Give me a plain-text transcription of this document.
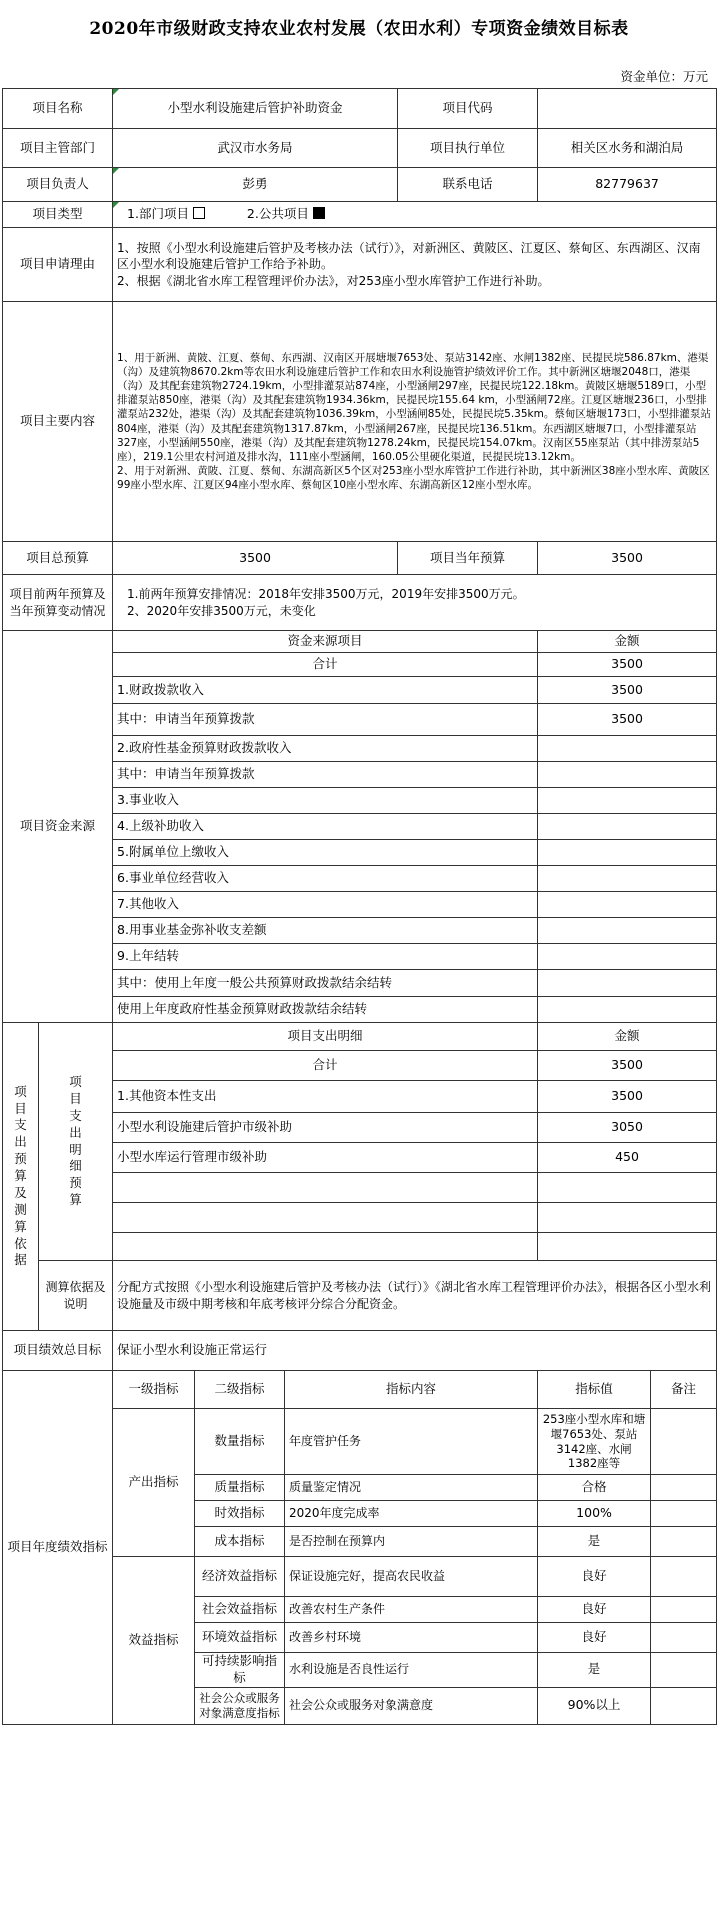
2020年市级财政支持农业农村发展（农田水利）专项资金绩效目标表
资金单位：万元
项目名称		小型水利设施建后管护补助资金			项目代码		
项目主管部门		武汉市水务局			项目执行单位	相关区水务和湖泊局	
项目负责人		彭勇			联系电话	82779637	
项目类型		1.部门项目 2.公共项目					
项目申请理由		1、按照《小型水利设施建后管护及考核办法（试行）》，对新洲区、黄陂区、江夏区、蔡甸区、东西湖区、汉南区小型水利设施建后管护工作给予补助。
2、根据《湖北省水库工程管理评价办法》，对253座小型水库管护工作进行补助。					
项目主要内容		1、用于新洲、黄陂、江夏、蔡甸、东西湖、汉南区开展塘堰7653处、泵站3142座、水闸1382座、民提民垸586.87km、港渠（沟）及建筑物8670.2km等农田水利设施建后管护工作和农田水利设施管护绩效评价工作。其中新洲区塘堰2048口，港渠（沟）及其配套建筑物2724.19km，小型排灌泵站874座，小型涵闸297座，民提民垸122.18km。黄陂区塘堰5189口，小型排灌泵站850座，港渠（沟）及其配套建筑物1934.36km，民提民垸155.64 km，小型涵闸72座。江夏区塘堰236口，小型排灌泵站232处，港渠（沟）及其配套建筑物1036.39km，小型涵闸85处，民提民垸5.35km。蔡甸区塘堰173口，小型排灌泵站804座，港渠（沟）及其配套建筑物1317.87km，小型涵闸267座，民提民垸136.51km。东西湖区塘堰7口，小型排灌泵站327座，小型涵闸550座，港渠（沟）及其配套建筑物1278.24km，民提民垸154.07km。汉南区55座泵站（其中排涝泵站5座），219.1公里农村河道及排水沟，111座小型涵闸，160.05公里硬化渠道，民提民垸13.12km。
2、用于对新洲、黄陂、江夏、蔡甸、东湖高新区5个区对253座小型水库管护工作进行补助，其中新洲区38座小型水库、黄陂区99座小型水库、江夏区94座小型水库、蔡甸区10座小型水库、东湖高新区12座小型水库。					
项目总预算		3500			项目当年预算	3500	
项目前两年预算及当年预算变动情况		1.前两年预算安排情况：2018年安排3500万元，2019年安排3500万元。
2、2020年安排3500万元，未变化					
项目资金来源		资金来源项目				金额	
		合计				3500	
		1.财政拨款收入				3500	
		其中：申请当年预算拨款				3500	
		2.政府性基金预算财政拨款收入					
		其中：申请当年预算拨款					
		3.事业收入					
		4.上级补助收入					
		5.附属单位上缴收入					
		6.事业单位经营收入					
		7.其他收入					
		8.用事业基金弥补收支差额					
		9.上年结转					
		其中：使用上年度一般公共预算财政拨款结余结转					
		使用上年度政府性基金预算财政拨款结余结转					
项目支出预算及测算依据	项目支出明细预算	项目支出明细				金额	
		合计				3500	
		1.其他资本性支出				3500	
		小型水利设施建后管护市级补助				3050	
		小型水库运行管理市级补助				450	

	测算依据及说明	分配方式按照《小型水利设施建后管护及考核办法（试行）》《湖北省水库工程管理评价办法》，根据各区小型水利设施量及市级中期考核和年底考核评分综合分配资金。					
项目绩效总目标		保证小型水利设施正常运行					
项目年度绩效指标		一级指标	二级指标	指标内容		指标值	备注
		产出指标	数量指标	年度管护任务		253座小型水库和塘堰7653处、泵站3142座、水闸1382座等	
			质量指标	质量鉴定情况		合格	
			时效指标	2020年度完成率		100%	
			成本指标	是否控制在预算内		是	
		效益指标	经济效益指标	保证设施完好，提高农民收益		良好	
			社会效益指标	改善农村生产条件		良好	
			环境效益指标	改善乡村环境		良好	
			可持续影响指标	水利设施是否良性运行		是	
			社会公众或服务对象满意度指标	社会公众或服务对象满意度		90%以上	
